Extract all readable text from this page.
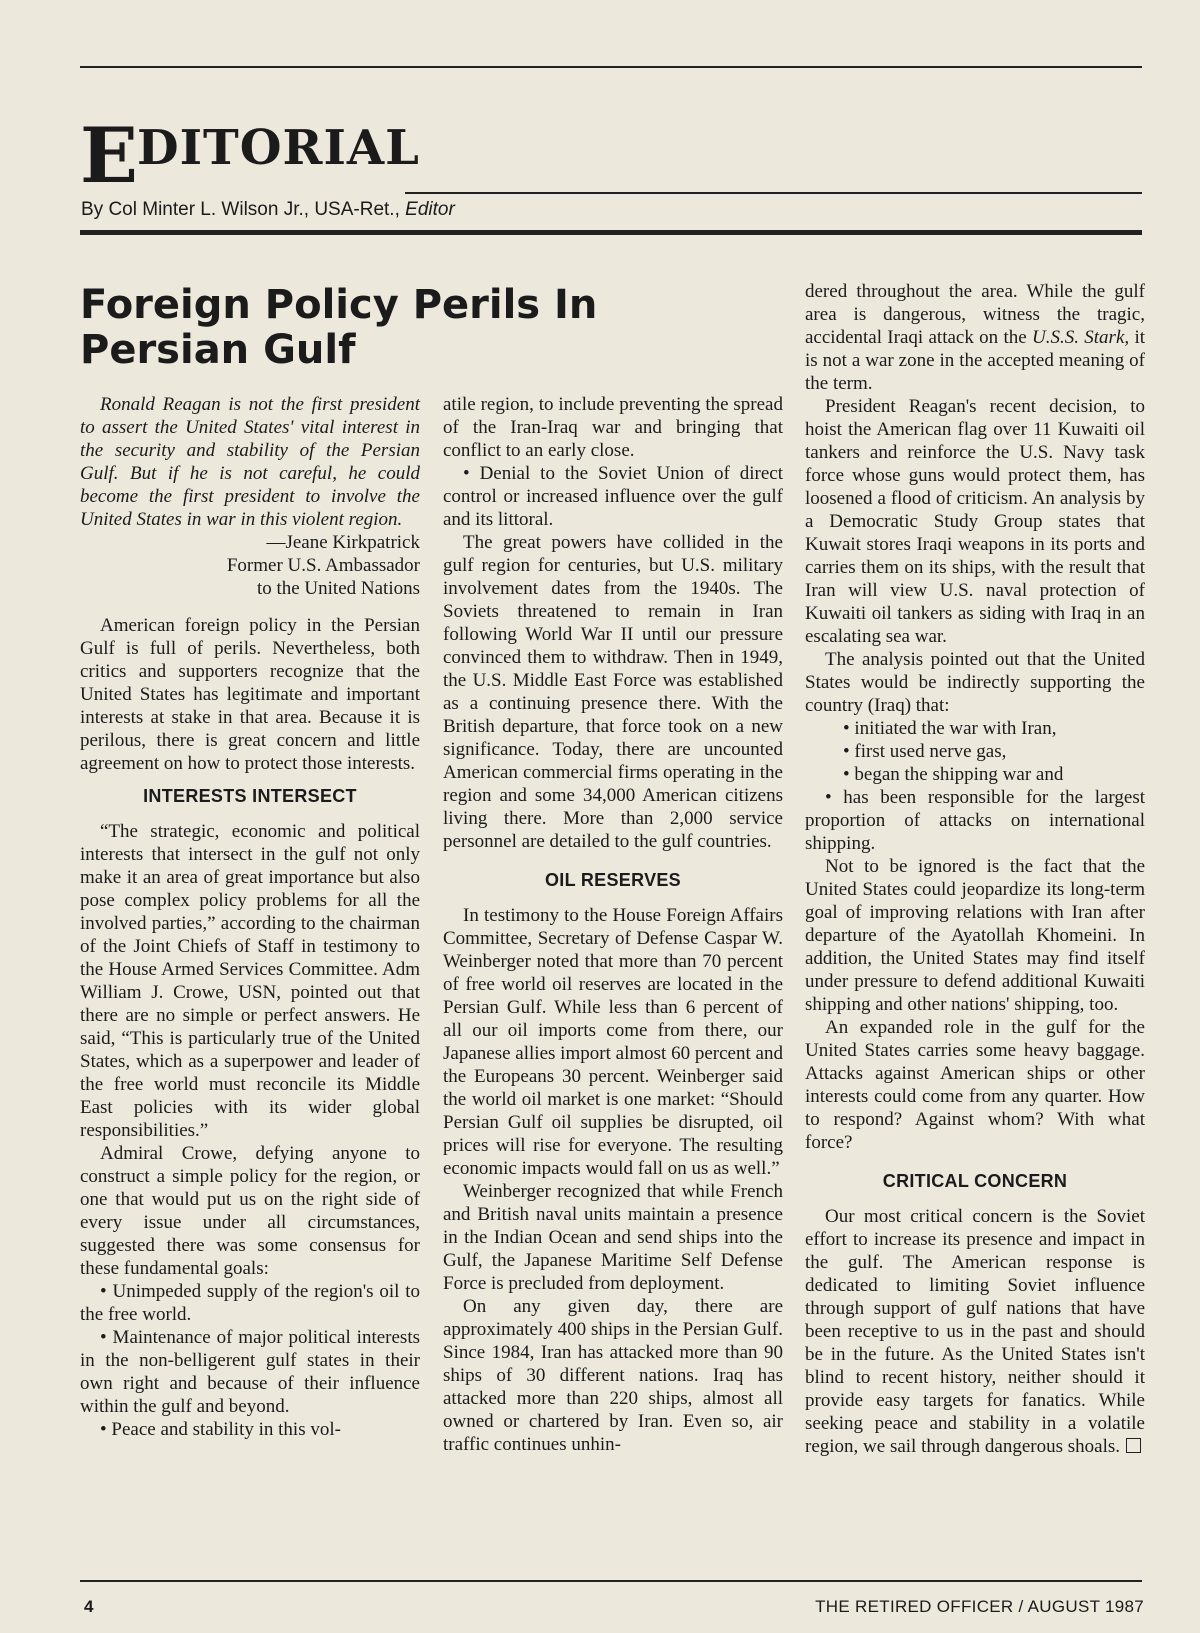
EDITORIAL
By Col Minter L. Wilson Jr., USA-Ret., Editor
Foreign Policy Perils In Persian Gulf

Ronald Reagan is not the first president to assert the United States' vital interest in the security and stability of the Persian Gulf. But if he is not careful, he could become the first president to involve the United States in war in this violent region.

—Jeane Kirkpatrick
Former U.S. Ambassador
to the United Nations

American foreign policy in the Persian Gulf is full of perils. Nevertheless, both critics and supporters recognize that the United States has legitimate and important interests at stake in that area. Because it is perilous, there is great concern and little agreement on how to protect those interests.

INTERESTS INTERSECT

“The strategic, economic and political interests that intersect in the gulf not only make it an area of great importance but also pose complex policy problems for all the involved parties,” according to the chairman of the Joint Chiefs of Staff in testimony to the House Armed Services Committee. Adm William J. Crowe, USN, pointed out that there are no simple or perfect answers. He said, “This is particularly true of the United States, which as a superpower and leader of the free world must reconcile its Middle East policies with its wider global responsibilities.”

Admiral Crowe, defying anyone to construct a simple policy for the region, or one that would put us on the right side of every issue under all circumstances, suggested there was some consensus for these fundamental goals:

• Unimpeded supply of the region's oil to the free world.

• Maintenance of major political interests in the non-belligerent gulf states in their own right and because of their influence within the gulf and beyond.

• Peace and stability in this vol-

atile region, to include preventing the spread of the Iran-Iraq war and bringing that conflict to an early close.

• Denial to the Soviet Union of direct control or increased influence over the gulf and its littoral.

The great powers have collided in the gulf region for centuries, but U.S. military involvement dates from the 1940s. The Soviets threatened to remain in Iran following World War II until our pressure convinced them to withdraw. Then in 1949, the U.S. Middle East Force was established as a continuing presence there. With the British departure, that force took on a new significance. Today, there are uncounted American commercial firms operating in the region and some 34,000 American citizens living there. More than 2,000 service personnel are detailed to the gulf countries.

OIL RESERVES

In testimony to the House Foreign Affairs Committee, Secretary of Defense Caspar W. Weinberger noted that more than 70 percent of free world oil reserves are located in the Persian Gulf. While less than 6 percent of all our oil imports come from there, our Japanese allies import almost 60 percent and the Europeans 30 percent. Weinberger said the world oil market is one market: “Should Persian Gulf oil supplies be disrupted, oil prices will rise for everyone. The resulting economic impacts would fall on us as well.”

Weinberger recognized that while French and British naval units maintain a presence in the Indian Ocean and send ships into the Gulf, the Japanese Maritime Self Defense Force is precluded from deployment.

On any given day, there are approximately 400 ships in the Persian Gulf. Since 1984, Iran has attacked more than 90 ships of 30 different nations. Iraq has attacked more than 220 ships, almost all owned or chartered by Iran. Even so, air traffic continues unhin-

dered throughout the area. While the gulf area is dangerous, witness the tragic, accidental Iraqi attack on the U.S.S. Stark, it is not a war zone in the accepted meaning of the term.

President Reagan's recent decision, to hoist the American flag over 11 Kuwaiti oil tankers and reinforce the U.S. Navy task force whose guns would protect them, has loosened a flood of criticism. An analysis by a Democratic Study Group states that Kuwait stores Iraqi weapons in its ports and carries them on its ships, with the result that Iran will view U.S. naval protection of Kuwaiti oil tankers as siding with Iraq in an escalating sea war.

The analysis pointed out that the United States would be indirectly supporting the country (Iraq) that:

• initiated the war with Iran,

• first used nerve gas,

• began the shipping war and

• has been responsible for the largest proportion of attacks on international shipping.

Not to be ignored is the fact that the United States could jeopardize its long-term goal of improving relations with Iran after departure of the Ayatollah Khomeini. In addition, the United States may find itself under pressure to defend additional Kuwaiti shipping and other nations' shipping, too.

An expanded role in the gulf for the United States carries some heavy baggage. Attacks against American ships or other interests could come from any quarter. How to respond? Against whom? With what force?

CRITICAL CONCERN

Our most critical concern is the Soviet effort to increase its presence and impact in the gulf. The American response is dedicated to limiting Soviet influence through support of gulf nations that have been receptive to us in the past and should be in the future. As the United States isn't blind to recent history, neither should it provide easy targets for fanatics. While seeking peace and stability in a volatile region, we sail through dangerous shoals.

4	THE RETIRED OFFICER / AUGUST 1987
